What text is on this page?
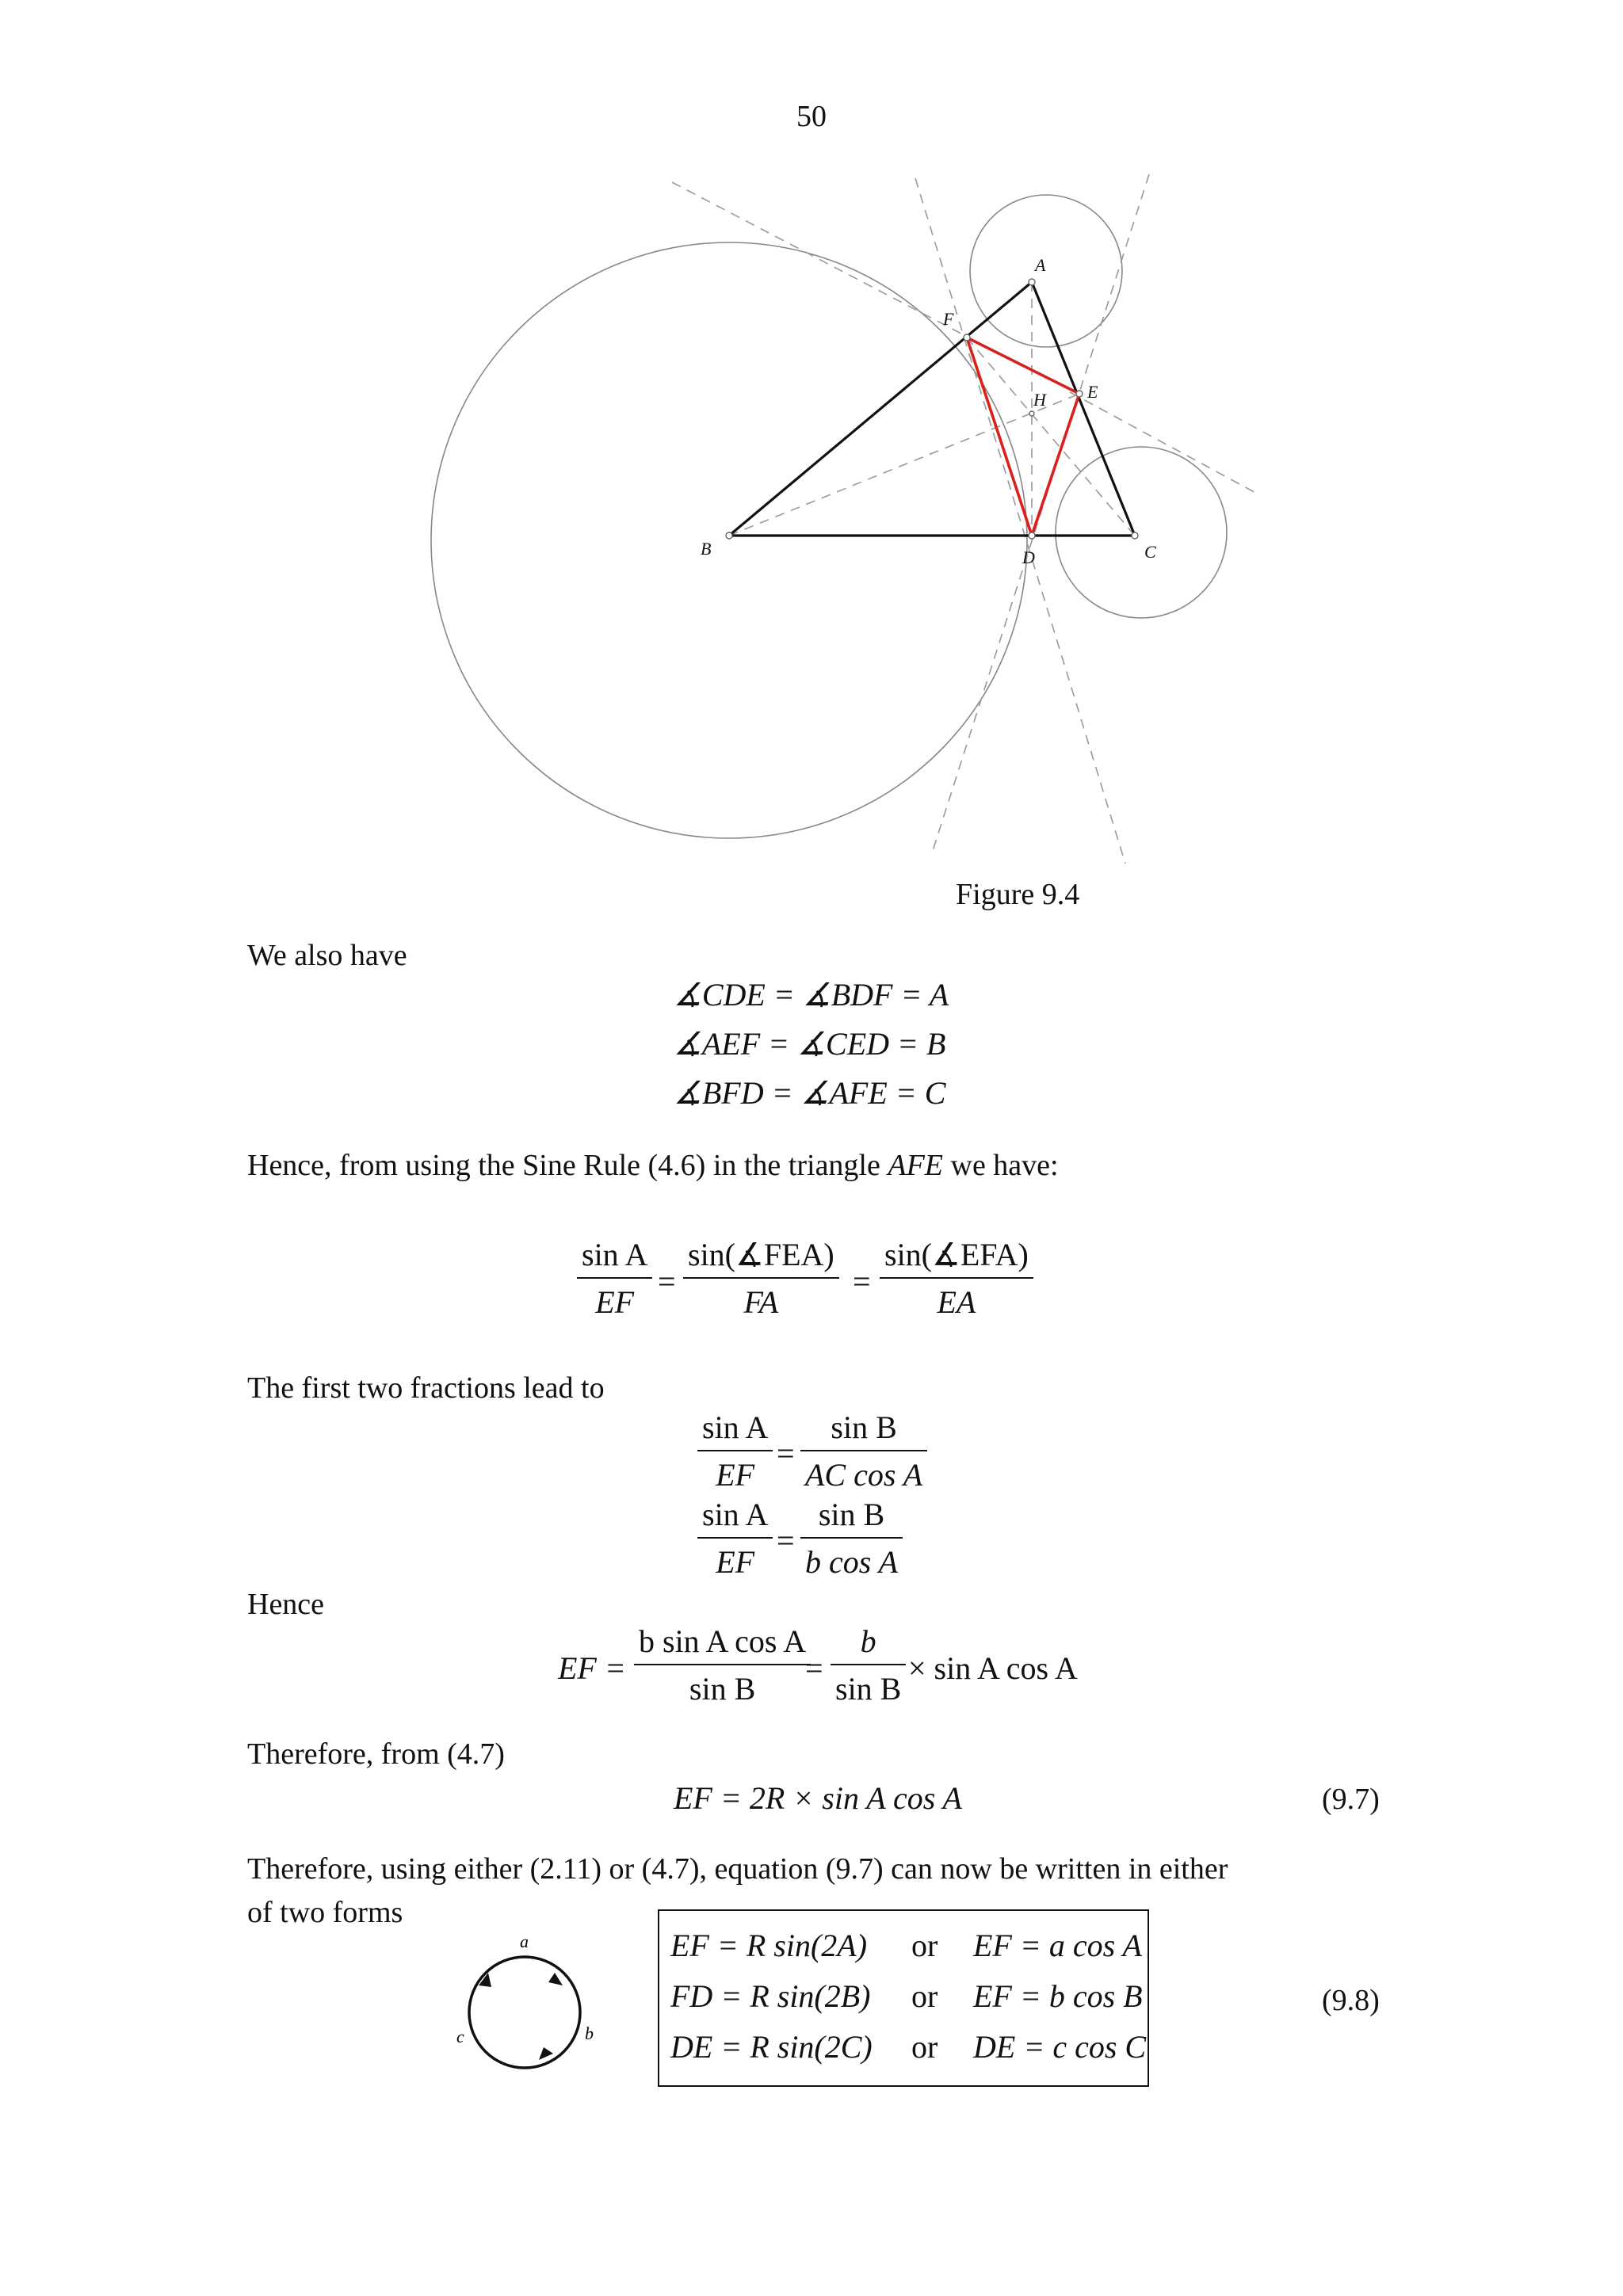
50
A
B	C
D
E
F
H
Figure 9.4
We also have
∡CDE = ∡BDF = A
∡AEF = ∡CED = B
∡BFD = ∡AFE = C
Hence, from using the Sine Rule (4.6) in the triangle AFE we have:
sin A
EF
=
sin(∡FEA)
FA
=
sin(∡EFA)
EA
The first two fractions lead to
sin A
EF
=
sin B
AC cos A
sin A
EF
=
sin B
b cos A
Hence
EF =
b sin A cos A
sin B
=
b
sin B
× sin A cos A
Therefore, from (4.7)
EF = 2R × sin A cos A	(9.7)
Therefore, using either (2.11) or (4.7), equation (9.7) can now be written in either
of two forms
a
b
c
EF = R sin(2A) or EF = a cos A
FD = R sin(2B) or EF = b cos B
DE = R sin(2C) or DE = c cos C
(9.8)
